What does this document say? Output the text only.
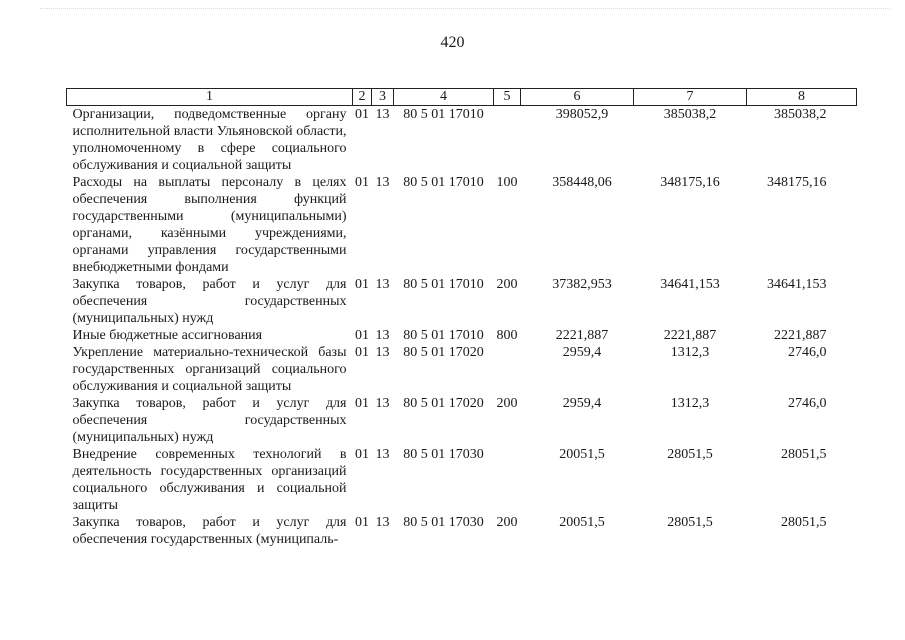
420
1	2	3	4	5	6	7	8
Организации, подведомственные органу исполнительной власти Ульяновской области, уполномоченному в сфере социального обслуживания и социальной защиты	01	13	80 5 01 17010		398052,9	385038,2	385038,2
Расходы на выплаты персоналу в целях обеспечения выполнения функций государственными (муниципальными) органами, казёнными учреждениями, органами управления государственными внебюджетными фондами	01	13	80 5 01 17010	100	358448,06	348175,16	348175,16
Закупка товаров, работ и услуг для обеспечения государственных (муниципальных) нужд	01	13	80 5 01 17010	200	37382,953	34641,153	34641,153
Иные бюджетные ассигнования	01	13	80 5 01 17010	800	2221,887	2221,887	2221,887
Укрепление материально-технической базы государственных организаций социального обслуживания и социальной защиты	01	13	80 5 01 17020		2959,4	1312,3	2746,0
Закупка товаров, работ и услуг для обеспечения государственных (муниципальных) нужд	01	13	80 5 01 17020	200	2959,4	1312,3	2746,0
Внедрение современных технологий в деятельность государственных организаций социального обслуживания и социальной защиты	01	13	80 5 01 17030		20051,5	28051,5	28051,5
Закупка товаров, работ и услуг для обеспечения государственных (муниципаль-	01	13	80 5 01 17030	200	20051,5	28051,5	28051,5
